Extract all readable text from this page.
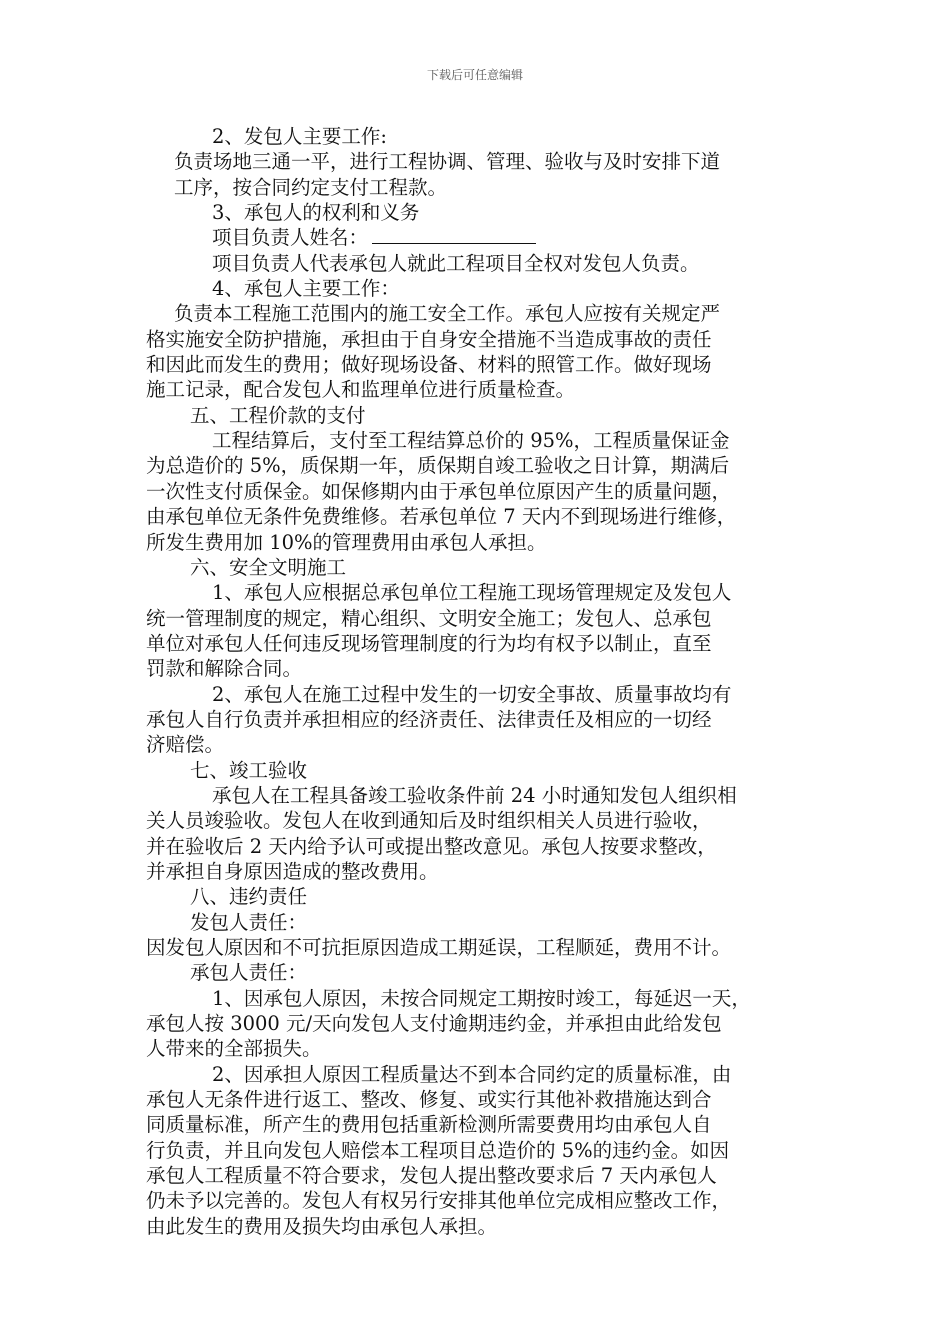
下载后可任意编辑
2、发包人主要工作:
负责场地三通一平，进行工程协调、管理、验收与及时安排下道
工序，按合同约定支付工程款。
3、承包人的权利和义务
项目负责人姓名：
项目负责人代表承包人就此工程项目全权对发包人负责。
4、承包人主要工作：
负责本工程施工范围内的施工安全工作。承包人应按有关规定严
格实施安全防护措施，承担由于自身安全措施不当造成事故的责任
和因此而发生的费用；做好现场设备、材料的照管工作。做好现场
施工记录，配合发包人和监理单位进行质量检查。
五、工程价款的支付
工程结算后，支付至工程结算总价的 95%，工程质量保证金
为总造价的 5%，质保期一年，质保期自竣工验收之日计算，期满后
一次性支付质保金。如保修期内由于承包单位原因产生的质量问题，
由承包单位无条件免费维修。若承包单位 7 天内不到现场进行维修，
所发生费用加 10%的管理费用由承包人承担。
六、安全文明施工
1、承包人应根据总承包单位工程施工现场管理规定及发包人
统一管理制度的规定，精心组织、文明安全施工；发包人、总承包
单位对承包人任何违反现场管理制度的行为均有权予以制止，直至
罚款和解除合同。
2、承包人在施工过程中发生的一切安全事故、质量事故均有
承包人自行负责并承担相应的经济责任、法律责任及相应的一切经
济赔偿。
七、竣工验收
承包人在工程具备竣工验收条件前 24 小时通知发包人组织相
关人员竣验收。发包人在收到通知后及时组织相关人员进行验收，
并在验收后 2 天内给予认可或提出整改意见。承包人按要求整改，
并承担自身原因造成的整改费用。
八、违约责任
发包人责任：
因发包人原因和不可抗拒原因造成工期延误，工程顺延，费用不计。
承包人责任：
1、因承包人原因，未按合同规定工期按时竣工，每延迟一天，
承包人按 3000 元/天向发包人支付逾期违约金，并承担由此给发包
人带来的全部损失。
2、因承担人原因工程质量达不到本合同约定的质量标准，由
承包人无条件进行返工、整改、修复、或实行其他补救措施达到合
同质量标准，所产生的费用包括重新检测所需要费用均由承包人自
行负责，并且向发包人赔偿本工程项目总造价的 5%的违约金。如因
承包人工程质量不符合要求，发包人提出整改要求后 7 天内承包人
仍未予以完善的。发包人有权另行安排其他单位完成相应整改工作，
由此发生的费用及损失均由承包人承担。
